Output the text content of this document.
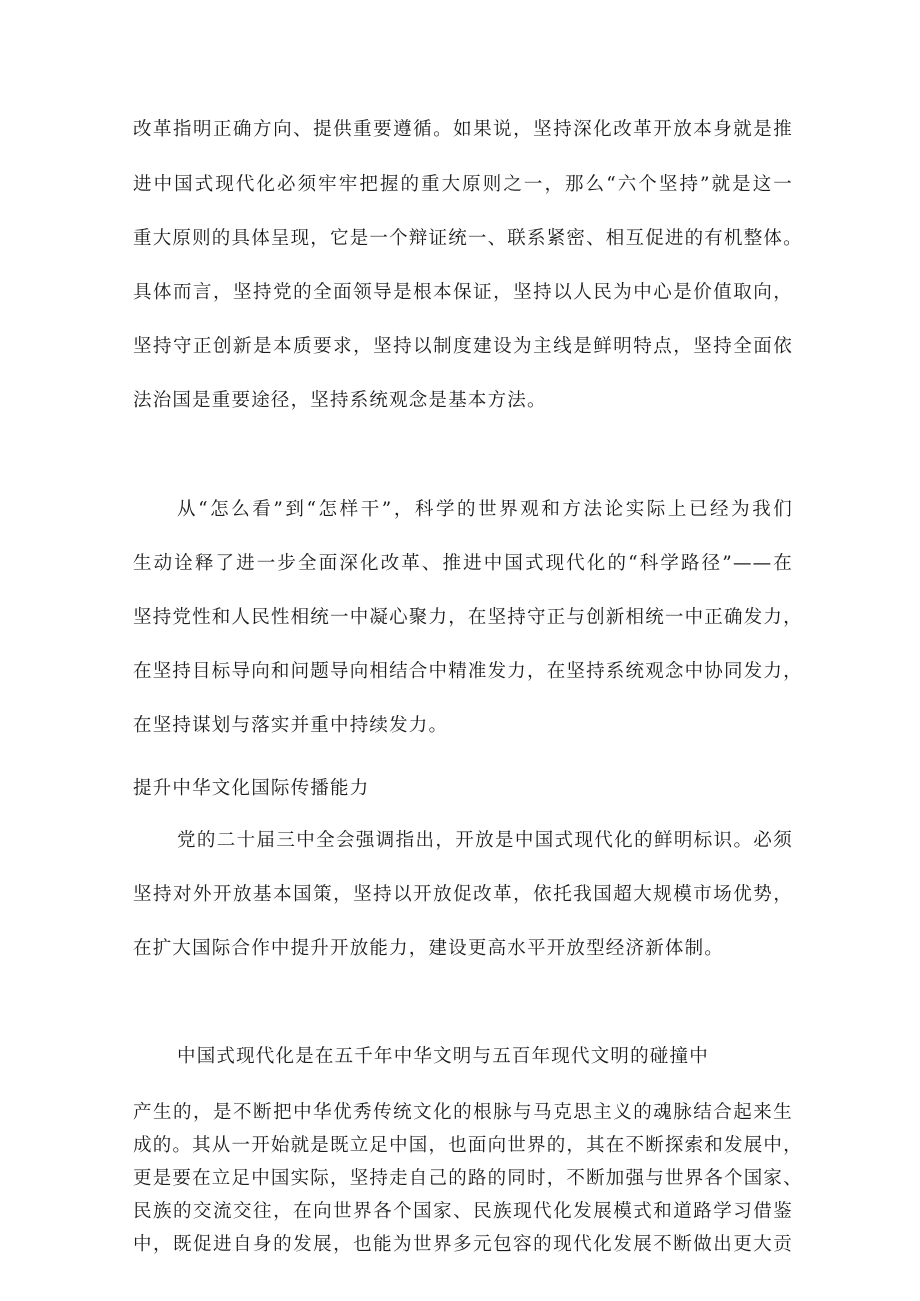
改革指明正确方向、提供重要遵循。如果说，坚持深化改革开放本身就是推
进中国式现代化必须牢牢把握的重大原则之一，那么“六个坚持”就是这一
重大原则的具体呈现，它是一个辩证统一、联系紧密、相互促进的有机整体。
具体而言，坚持党的全面领导是根本保证，坚持以人民为中心是价值取向，
坚持守正创新是本质要求，坚持以制度建设为主线是鲜明特点，坚持全面依
法治国是重要途径，坚持系统观念是基本方法。
从“怎么看”到“怎样干”，科学的世界观和方法论实际上已经为我们
生动诠释了进一步全面深化改革、推进中国式现代化的“科学路径”——在
坚持党性和人民性相统一中凝心聚力，在坚持守正与创新相统一中正确发力，
在坚持目标导向和问题导向相结合中精准发力，在坚持系统观念中协同发力，
在坚持谋划与落实并重中持续发力。
提升中华文化国际传播能力
党的二十届三中全会强调指出，开放是中国式现代化的鲜明标识。必须
坚持对外开放基本国策，坚持以开放促改革，依托我国超大规模市场优势，
在扩大国际合作中提升开放能力，建设更高水平开放型经济新体制。
中国式现代化是在五千年中华文明与五百年现代文明的碰撞中
产生的，是不断把中华优秀传统文化的根脉与马克思主义的魂脉结合起来生
成的。其从一开始就是既立足中国，也面向世界的，其在不断探索和发展中，
更是要在立足中国实际，坚持走自己的路的同时，不断加强与世界各个国家、
民族的交流交往，在向世界各个国家、民族现代化发展模式和道路学习借鉴
中，既促进自身的发展，也能为世界多元包容的现代化发展不断做出更大贡
